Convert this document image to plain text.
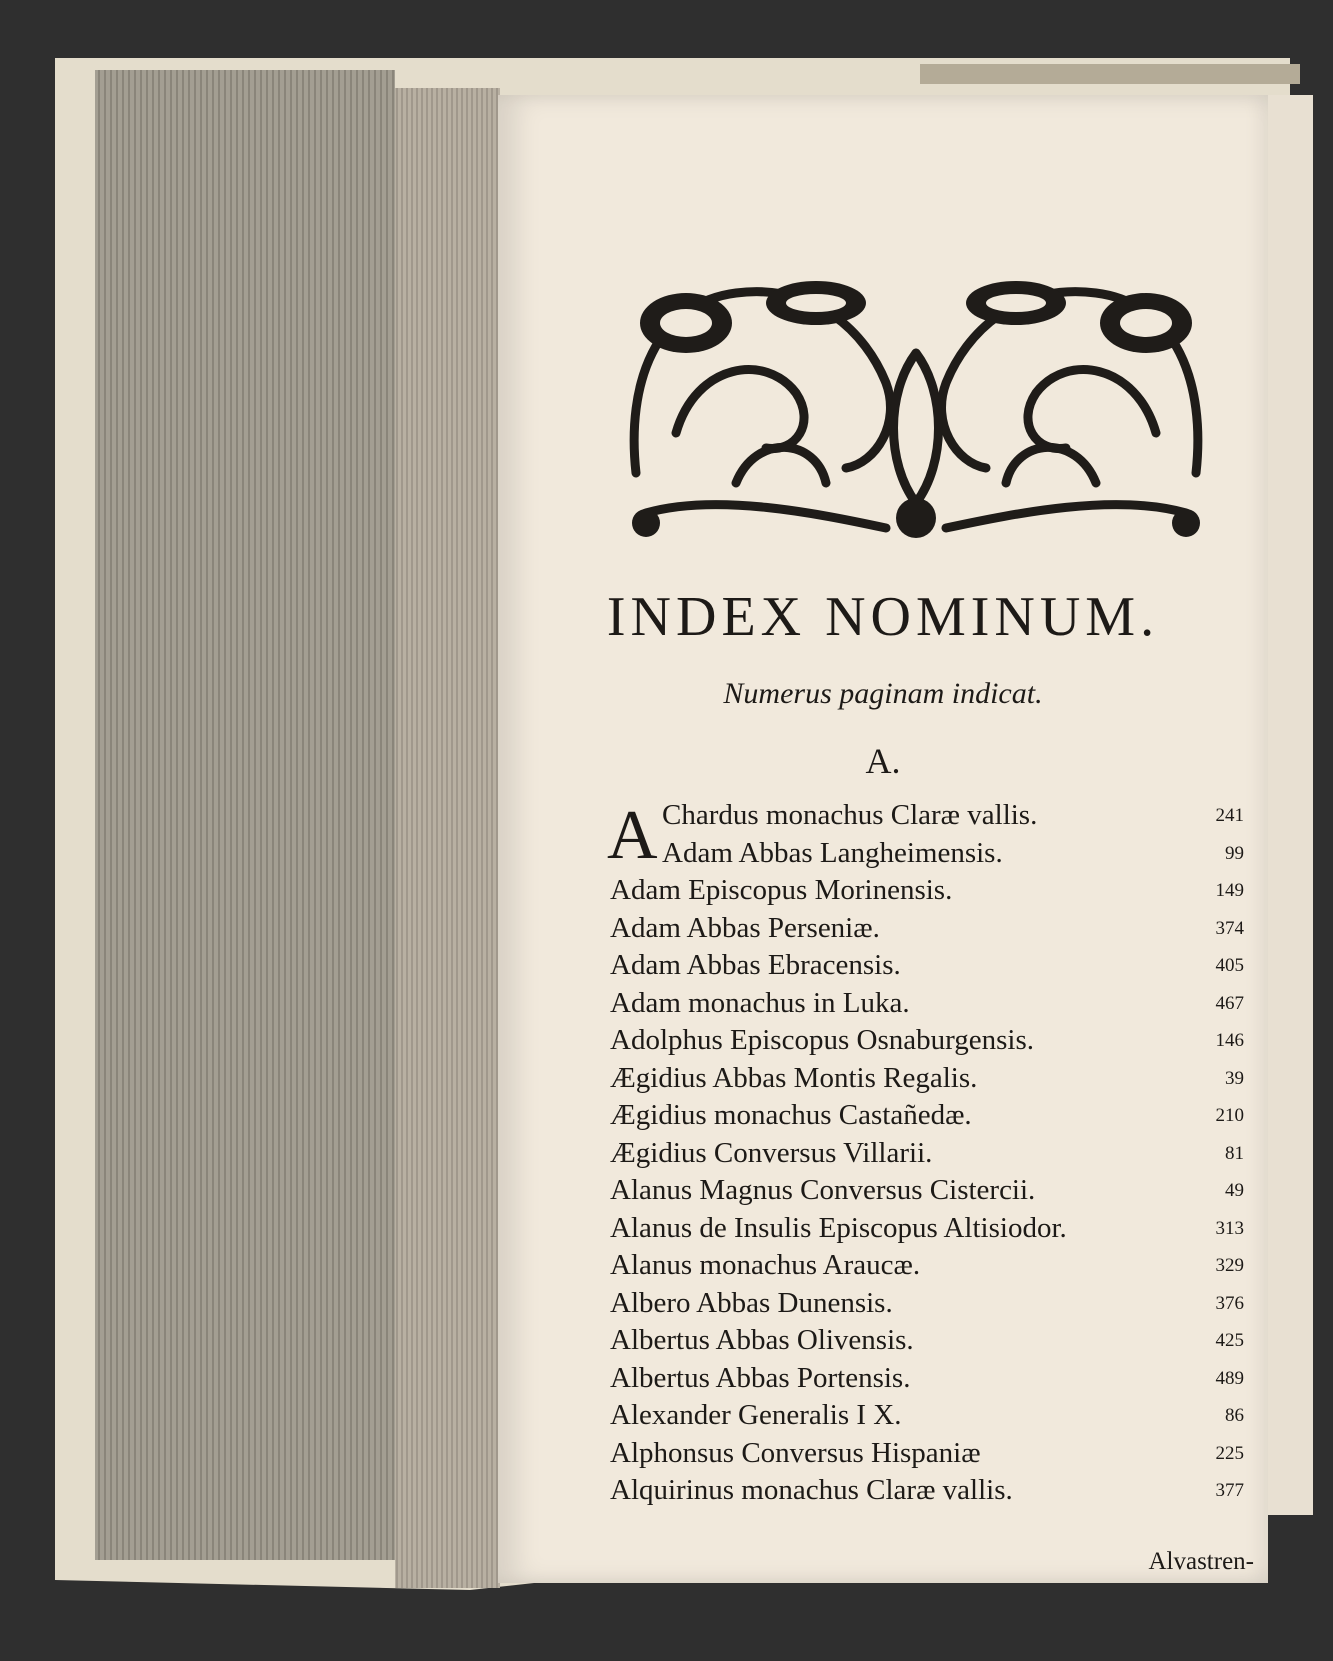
INDEX NOMINUM.
Numerus paginam indicat.
A.
A Chardus monachus Claræ vallis.	241
Adam Abbas Langheimensis.	99
Adam Episcopus Morinensis.	149
Adam Abbas Perseniæ.	374
Adam Abbas Ebracensis.	405
Adam monachus in Luka.	467
Adolphus Episcopus Osnaburgensis.	146
Ægidius Abbas Montis Regalis.	39
Ægidius monachus Castañedæ.	210
Ægidius Conversus Villarii.	81
Alanus Magnus Conversus Cistercii.	49
Alanus de Insulis Episcopus Altisiodor.	313
Alanus monachus Araucæ.	329
Albero Abbas Dunensis.	376
Albertus Abbas Olivensis.	425
Albertus Abbas Portensis.	489
Alexander Generalis I X.	86
Alphonsus Conversus Hispaniæ	225
Alquirinus monachus Claræ vallis.	377
Alvastren-
